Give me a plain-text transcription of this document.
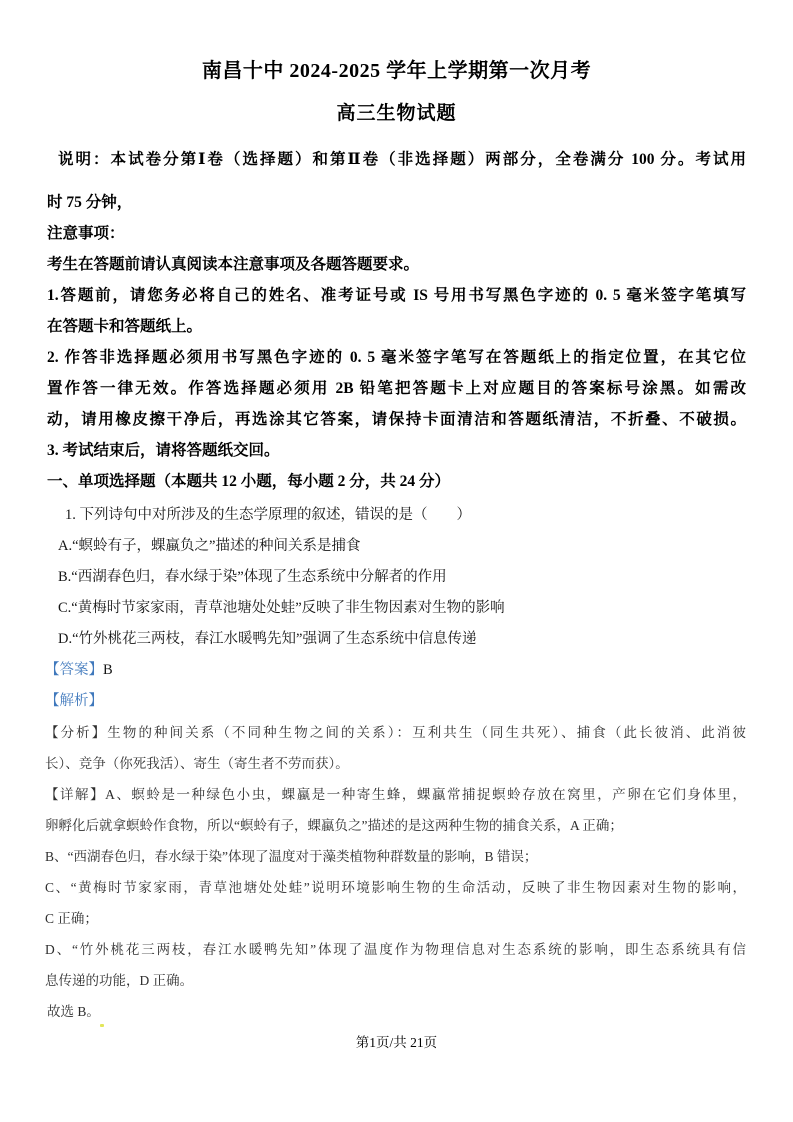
南昌十中 2024-2025 学年上学期第一次月考
高三生物试题
说明：本试卷分第Ⅰ卷（选择题）和第Ⅱ卷（非选择题）两部分，全卷满分 100 分。考试用
时 75 分钟，
注意事项：
考生在答题前请认真阅读本注意事项及各题答题要求。
1.答题前，请您务必将自己的姓名、准考证号或 IS 号用书写黑色字迹的 0. 5 毫米签字笔填写
在答题卡和答题纸上。
2. 作答非选择题必须用书写黑色字迹的 0. 5 毫米签字笔写在答题纸上的指定位置，在其它位
置作答一律无效。作答选择题必须用 2B 铅笔把答题卡上对应题目的答案标号涂黑。如需改
动，请用橡皮擦干净后，再选涂其它答案，请保持卡面清洁和答题纸清洁，不折叠、不破损。
3. 考试结束后，请将答题纸交回。
一、单项选择题（本题共 12 小题，每小题 2 分，共 24 分）
1. 下列诗句中对所涉及的生态学原理的叙述，错误的是（　　）
A.“螟蛉有子，蜾蠃负之”描述的种间关系是捕食
B.“西湖春色归，春水绿于染”体现了生态系统中分解者的作用
C.“黄梅时节家家雨，青草池塘处处蛙”反映了非生物因素对生物的影响
D.“竹外桃花三两枝，春江水暖鸭先知”强调了生态系统中信息传递
【答案】B
【解析】
【分析】生物的种间关系（不同种生物之间的关系）：互利共生（同生共死）、捕食（此长彼消、此消彼
长）、竞争（你死我活）、寄生（寄生者不劳而获）。
【详解】A、螟蛉是一种绿色小虫，蜾蠃是一种寄生蜂，蜾蠃常捕捉螟蛉存放在窝里，产卵在它们身体里，
卵孵化后就拿螟蛉作食物，所以“螟蛉有子，蜾蠃负之”描述的是这两种生物的捕食关系，A 正确；
B、“西湖春色归，春水绿于染”体现了温度对于藻类植物种群数量的影响，B 错误；
C、“黄梅时节家家雨，青草池塘处处蛙”说明环境影响生物的生命活动，反映了非生物因素对生物的影响，
C 正确；
D、“竹外桃花三两枝，春江水暖鸭先知”体现了温度作为物理信息对生态系统的影响，即生态系统具有信
息传递的功能，D 正确。
故选 B。
第1页/共 21页
